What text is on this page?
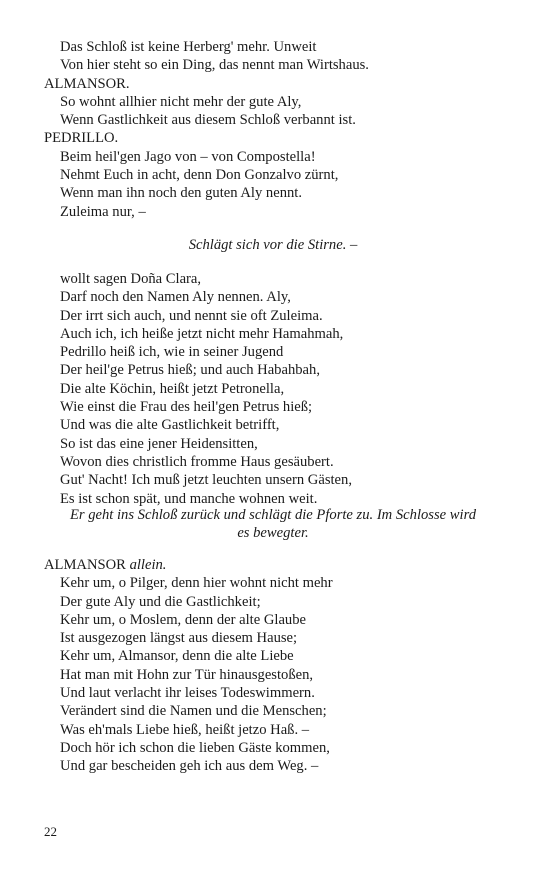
Das Schloß ist keine Herberg' mehr. Unweit
Von hier steht so ein Ding, das nennt man Wirtshaus.
ALMANSOR.
So wohnt allhier nicht mehr der gute Aly,
Wenn Gastlichkeit aus diesem Schloß verbannt ist.
PEDRILLO.
Beim heil'gen Jago von – von Compostella!
Nehmt Euch in acht, denn Don Gonzalvo zürnt,
Wenn man ihn noch den guten Aly nennt.
Zuleima nur, –
Schlägt sich vor die Stirne. –
wollt sagen Doña Clara,
Darf noch den Namen Aly nennen. Aly,
Der irrt sich auch, und nennt sie oft Zuleima.
Auch ich, ich heiße jetzt nicht mehr Hamahmah,
Pedrillo heiß ich, wie in seiner Jugend
Der heil'ge Petrus hieß; und auch Habahbah,
Die alte Köchin, heißt jetzt Petronella,
Wie einst die Frau des heil'gen Petrus hieß;
Und was die alte Gastlichkeit betrifft,
So ist das eine jener Heidensitten,
Wovon dies christlich fromme Haus gesäubert.
Gut' Nacht! Ich muß jetzt leuchten unsern Gästen,
Es ist schon spät, und manche wohnen weit.
Er geht ins Schloß zurück und schlägt die Pforte zu. Im Schlosse wird
es bewegter.
ALMANSOR allein.
Kehr um, o Pilger, denn hier wohnt nicht mehr
Der gute Aly und die Gastlichkeit;
Kehr um, o Moslem, denn der alte Glaube
Ist ausgezogen längst aus diesem Hause;
Kehr um, Almansor, denn die alte Liebe
Hat man mit Hohn zur Tür hinausgestoßen,
Und laut verlacht ihr leises Todeswimmern.
Verändert sind die Namen und die Menschen;
Was eh'mals Liebe hieß, heißt jetzo Haß. –
Doch hör ich schon die lieben Gäste kommen,
Und gar bescheiden geh ich aus dem Weg. –
22
